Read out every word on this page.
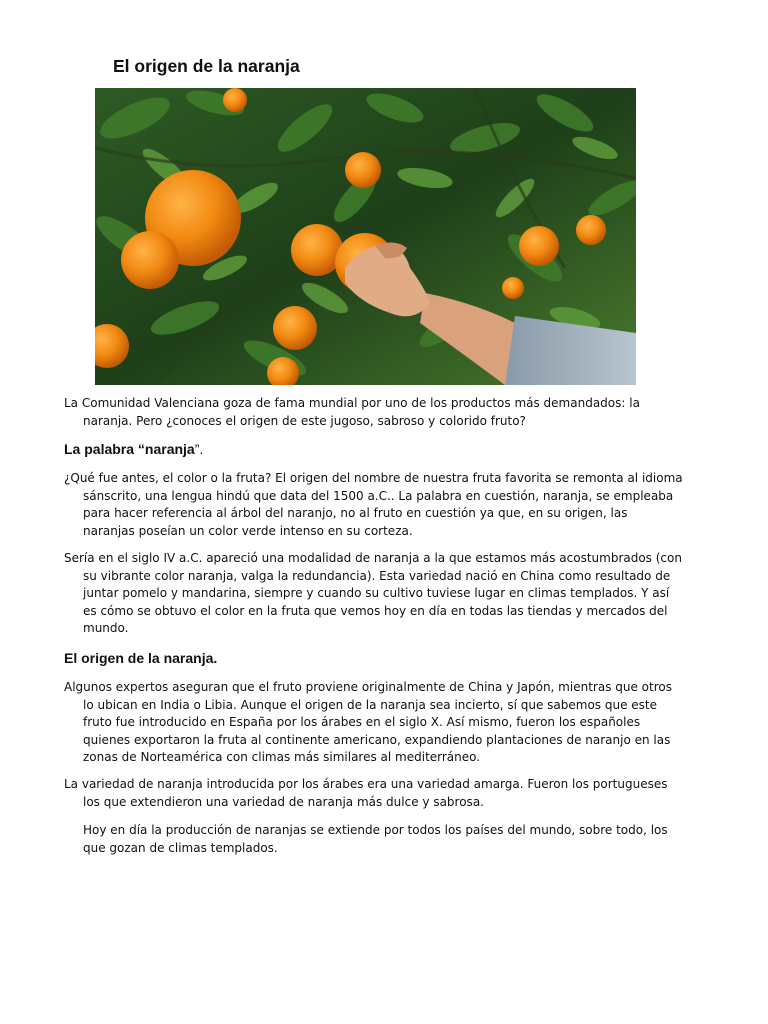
El origen de la naranja

La Comunidad Valenciana goza de fama mundial por uno de los productos más demandados: la naranja. Pero ¿conoces el origen de este jugoso, sabroso y colorido fruto?

La palabra “naranja”.

¿Qué fue antes, el color o la fruta? El origen del nombre de nuestra fruta favorita se remonta al idioma sánscrito, una lengua hindú que data del 1500 a.C.. La palabra en cuestión, naranja, se empleaba para hacer referencia al árbol del naranjo, no al fruto en cuestión ya que, en su origen, las naranjas poseían un color verde intenso en su corteza.

Sería en el siglo IV a.C. apareció una modalidad de naranja a la que estamos más acostumbrados (con su vibrante color naranja, valga la redundancia). Esta variedad nació en China como resultado de juntar pomelo y mandarina, siempre y cuando su cultivo tuviese lugar en climas templados. Y así es cómo se obtuvo el color en la fruta que vemos hoy en día en todas las tiendas y mercados del mundo.

El origen de la naranja.

Algunos expertos aseguran que el fruto proviene originalmente de China y Japón, mientras que otros lo ubican en India o Libia. Aunque el origen de la naranja sea incierto, sí que sabemos que este fruto fue introducido en España por los árabes en el siglo X. Así mismo, fueron los españoles quienes exportaron la fruta al continente americano, expandiendo plantaciones de naranjo en las zonas de Norteamérica con climas más similares al mediterráneo.

La variedad de naranja introducida por los árabes era una variedad amarga. Fueron los portugueses los que extendieron una variedad de naranja más dulce y sabrosa.

Hoy en día la producción de naranjas se extiende por todos los países del mundo, sobre todo, los que gozan de climas templados.
